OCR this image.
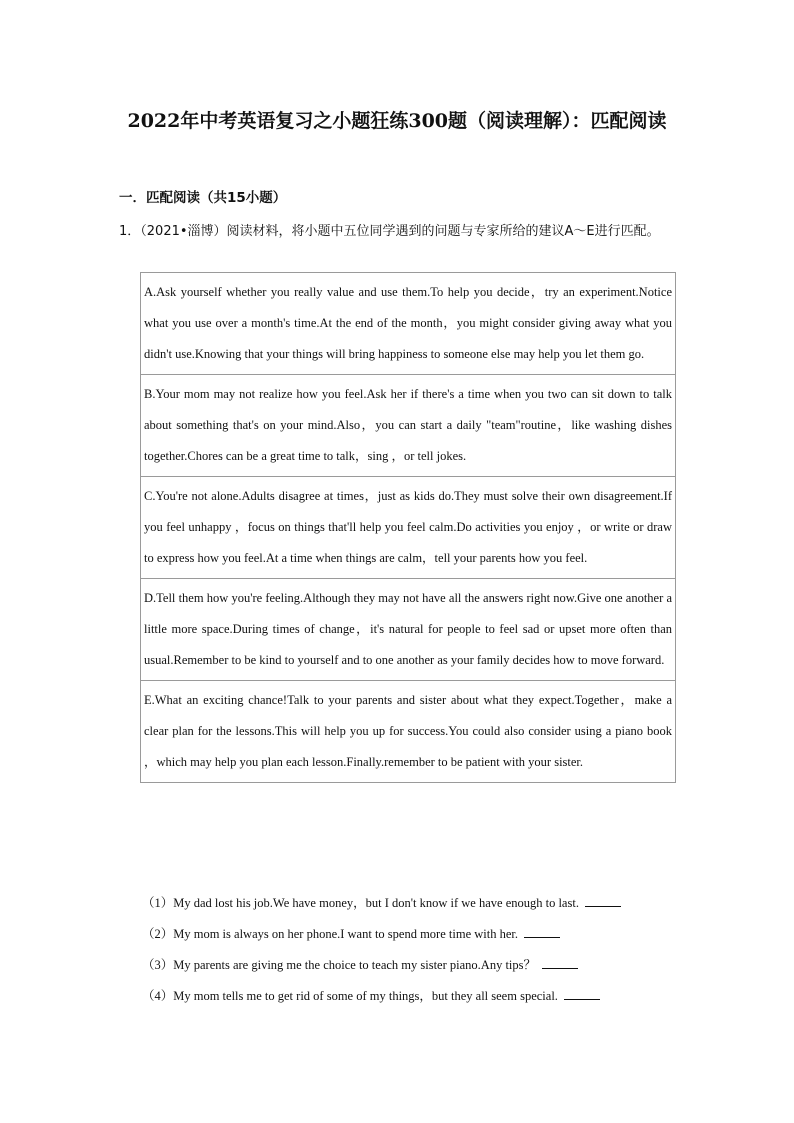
2022年中考英语复习之小题狂练300题（阅读理解）：匹配阅读
一．匹配阅读（共15小题）
1．（2021•淄博）阅读材料，将小题中五位同学遇到的问题与专家所给的建议A～E进行匹配。
A.Ask yourself whether you really value and use them.To help you decide，try an experiment.Notice what you use over a month's time.At the end of the month，you might consider giving away what you didn't use.Knowing that your things will bring happiness to someone else may help you let them go.
B.Your mom may not realize how you feel.Ask her if there's a time when you two can sit down to talk about something that's on your mind.Also，you can start a daily "team"routine，like washing dishes together.Chores can be a great time to talk，sing ，or tell jokes.
C.You're not alone.Adults disagree at times，just as kids do.They must solve their own disagreement.If you feel unhappy ，focus on things that'll help you feel calm.Do activities you enjoy ，or write or draw to express how you feel.At a time when things are calm，tell your parents how you feel.
D.Tell them how you're feeling.Although they may not have all the answers right now.Give one another a little more space.During times of change，it's natural for people to feel sad or upset more often than usual.Remember to be kind to yourself and to one another as your family decides how to move forward.
E.What an exciting chance!Talk to your parents and sister about what they expect.Together，make a clear plan for the lessons.This will help you up for success.You could also consider using a piano book ，which may help you plan each lesson.Finally.remember to be patient with your sister.
（1）My dad lost his job.We have money，but I don't know if we have enough to last.
（2）My mom is always on her phone.I want to spend more time with her.
（3）My parents are giving me the choice to teach my sister piano.Any tips？
（4）My mom tells me to get rid of some of my things，but they all seem special.
